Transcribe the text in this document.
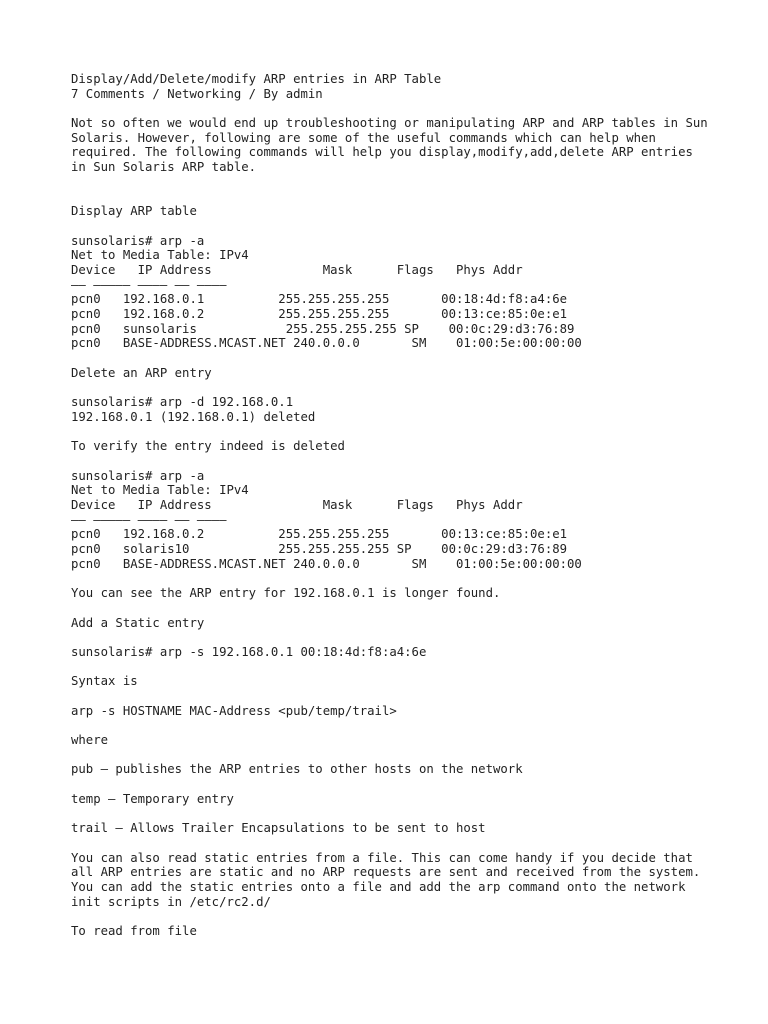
Display/Add/Delete/modify ARP entries in ARP Table
7 Comments / Networking / By admin
Not so often we would end up troubleshooting or manipulating ARP and ARP tables in Sun Solaris. However, following are some of the useful commands which can help when required. The following commands will help you display,modify,add,delete ARP entries in Sun Solaris ARP table.
Display ARP table
sunsolaris# arp -a
Net to Media Table: IPv4
Device   IP Address               Mask      Flags   Phys Addr
—— ————– ———– —– ———–
pcn0   192.168.0.1          255.255.255.255       00:18:4d:f8:a4:6e
pcn0   192.168.0.2          255.255.255.255       00:13:ce:85:0e:e1
pcn0   sunsolaris            255.255.255.255 SP    00:0c:29:d3:76:89
pcn0   BASE-ADDRESS.MCAST.NET 240.0.0.0       SM    01:00:5e:00:00:00
Delete an ARP entry
sunsolaris# arp -d 192.168.0.1
192.168.0.1 (192.168.0.1) deleted
To verify the entry indeed is deleted
sunsolaris# arp -a
Net to Media Table: IPv4
Device   IP Address               Mask      Flags   Phys Addr
—— ————– ———– —– ———–
pcn0   192.168.0.2          255.255.255.255       00:13:ce:85:0e:e1
pcn0   solaris10            255.255.255.255 SP    00:0c:29:d3:76:89
pcn0   BASE-ADDRESS.MCAST.NET 240.0.0.0       SM    01:00:5e:00:00:00
You can see the ARP entry for 192.168.0.1 is longer found.
Add a Static entry
sunsolaris# arp -s 192.168.0.1 00:18:4d:f8:a4:6e
Syntax is
arp -s HOSTNAME MAC-Address <pub/temp/trail>
where
pub – publishes the ARP entries to other hosts on the network
temp – Temporary entry
trail – Allows Trailer Encapsulations to be sent to host
You can also read static entries from a file. This can come handy if you decide that all ARP entries are static and no ARP requests are sent and received from the system. You can add the static entries onto a file and add the arp command onto the network init scripts in /etc/rc2.d/
To read from file
